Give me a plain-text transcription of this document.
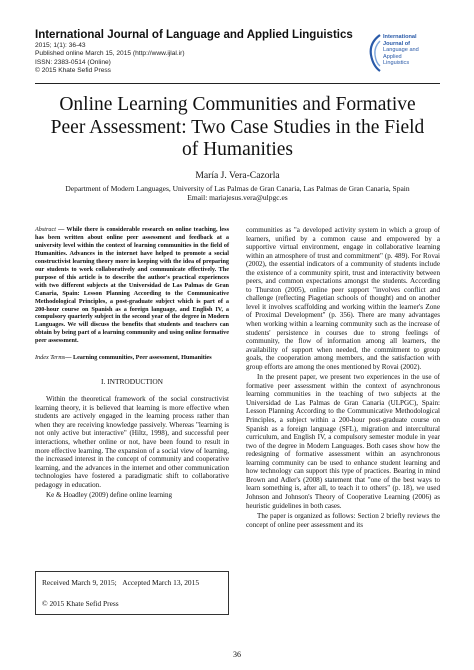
International Journal of Language and Applied Linguistics
2015; 1(1): 36-43
Published online March 15, 2015 (http://www.ijlal.ir)
ISSN: 2383-0514 (Online)
© 2015 Khate Sefid Press
International
Journal of
Language and
Applied
Linguistics
Online Learning Communities and Formative
Peer Assessment: Two Case Studies in the Field
of Humanities
María J. Vera-Cazorla
Department of Modern Languages, University of Las Palmas de Gran Canaria, Las Palmas de Gran Canaria, Spain
Email: mariajesus.vera@ulpgc.es
Abstract — While there is considerable research on online teaching, less has been written about online peer assessment and feedback at a university level within the context of learning communities in the field of Humanities. Advances in the internet have helped to promote a social constructivist learning theory more in keeping with the idea of preparing our students to work collaboratively and communicate effectively. The purpose of this article is to describe the author's practical experiences with two different subjects at the Universidad de Las Palmas de Gran Canaria, Spain: Lesson Planning According to the Communicative Methodological Principles, a post-graduate subject which is part of a 200-hour course on Spanish as a foreign language, and English IV, a compulsory quarterly subject in the second year of the degree in Modern Languages. We will discuss the benefits that students and teachers can obtain by being part of a learning community and using online formative peer assessment.
Index Terms— Learning communities, Peer assessment, Humanities
I. INTRODUCTION

Within the theoretical framework of the social constructivist learning theory, it is believed that learning is more effective when students are actively engaged in the learning process rather than when they are receiving knowledge passively. Whereas "learning is not only active but interactive" (Hiltz, 1998), and successful peer interactions, whether online or not, have been found to result in more effective learning. The expansion of a social view of learning, the increased interest in the concept of community and cooperative learning, and the advances in the internet and other communication technologies have fostered a paradigmatic shift to collaborative pedagogy in education.

Ke & Hoadley (2009) define online learning

communities as "a developed activity system in which a group of learners, unified by a common cause and empowered by a supportive virtual environment, engage in collaborative learning within an atmosphere of trust and commitment" (p. 489). For Rovai (2002), the essential indicators of a community of students include the existence of a community spirit, trust and interactivity between peers, and common expectations amongst the students. According to Thurston (2005), online peer support "involves conflict and challenge (reflecting Piagetian schools of thought) and on another level it involves scaffolding and working within the learner's Zone of Proximal Development" (p. 356). There are many advantages when working within a learning community such as the increase of students' persistence in courses due to strong feelings of community, the flow of information among all learners, the availability of support when needed, the commitment to group goals, the cooperation among members, and the satisfaction with group efforts are among the ones mentioned by Rovai (2002).

In the present paper, we present two experiences in the use of formative peer assessment within the context of asynchronous learning communities in the teaching of two subjects at the Universidad de Las Palmas de Gran Canaria (ULPGC), Spain: Lesson Planning According to the Communicative Methodological Principles, a subject within a 200-hour post-graduate course on Spanish as a foreign language (SFL), migration and intercultural curriculum, and English IV, a compulsory semester module in year two of the degree in Modern Languages. Both cases show how the redesigning of formative assessment within an asynchronous learning community can be used to enhance student learning and how technology can support this type of practices. Bearing in mind Brown and Adler's (2008) statement that "one of the best ways to learn something is, after all, to teach it to others" (p. 18), we used Johnson and Johnson's Theory of Cooperative Learning (2006) as heuristic guidelines in both cases.

The paper is organized as follows: Section 2 briefly reviews the concept of online peer assessment and its

Received March 9, 2015; Accepted March 13, 2015
© 2015 Khate Sefid Press
36
